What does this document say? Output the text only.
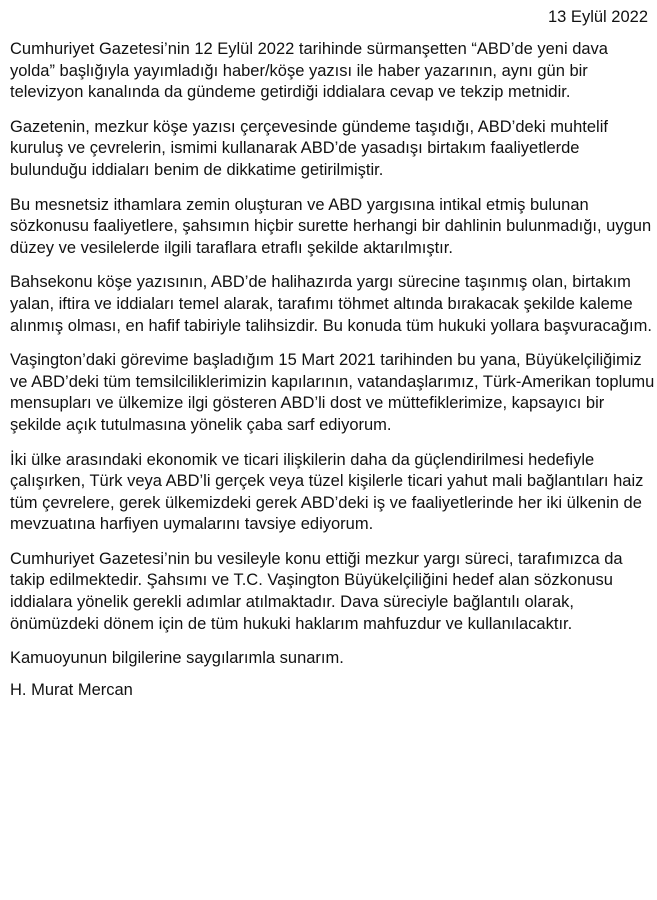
13 Eylül 2022

Cumhuriyet Gazetesi’nin 12 Eylül 2022 tarihinde sürmanşetten “ABD’de yeni dava yolda” başlığıyla yayımladığı haber/köşe yazısı ile haber yazarının, aynı gün bir televizyon kanalında da gündeme getirdiği iddialara cevap ve tekzip metnidir.

Gazetenin, mezkur köşe yazısı çerçevesinde gündeme taşıdığı, ABD’deki muhtelif kuruluş ve çevrelerin, ismimi kullanarak ABD’de yasadışı birtakım faaliyetlerde bulunduğu iddiaları benim de dikkatime getirilmiştir.

Bu mesnetsiz ithamlara zemin oluşturan ve ABD yargısına intikal etmiş bulunan sözkonusu faaliyetlere, şahsımın hiçbir surette herhangi bir dahlinin bulunmadığı, uygun düzey ve vesilelerde ilgili taraflara etraflı şekilde aktarılmıştır.

Bahsekonu köşe yazısının, ABD’de halihazırda yargı sürecine taşınmış olan, birtakım yalan, iftira ve iddiaları temel alarak, tarafımı töhmet altında bırakacak şekilde kaleme alınmış olması, en hafif tabiriyle talihsizdir. Bu konuda tüm hukuki yollara başvuracağım.

Vaşington’daki görevime başladığım 15 Mart 2021 tarihinden bu yana, Büyükelçiliğimiz ve ABD’deki tüm temsilciliklerimizin kapılarının, vatandaşlarımız, Türk-Amerikan toplumu mensupları ve ülkemize ilgi gösteren ABD’li dost ve müttefiklerimize, kapsayıcı bir şekilde açık tutulmasına yönelik çaba sarf ediyorum.

İki ülke arasındaki ekonomik ve ticari ilişkilerin daha da güçlendirilmesi hedefiyle çalışırken, Türk veya ABD’li gerçek veya tüzel kişilerle ticari yahut mali bağlantıları haiz tüm çevrelere, gerek ülkemizdeki gerek ABD’deki iş ve faaliyetlerinde her iki ülkenin de mevzuatına harfiyen uymalarını tavsiye ediyorum.

Cumhuriyet Gazetesi’nin bu vesileyle konu ettiği mezkur yargı süreci, tarafımızca da takip edilmektedir. Şahsımı ve T.C. Vaşington Büyükelçiliğini hedef alan sözkonusu iddialara yönelik gerekli adımlar atılmaktadır. Dava süreciyle bağlantılı olarak, önümüzdeki dönem için de tüm hukuki haklarım mahfuzdur ve kullanılacaktır.

Kamuoyunun bilgilerine saygılarımla sunarım.

H. Murat Mercan
